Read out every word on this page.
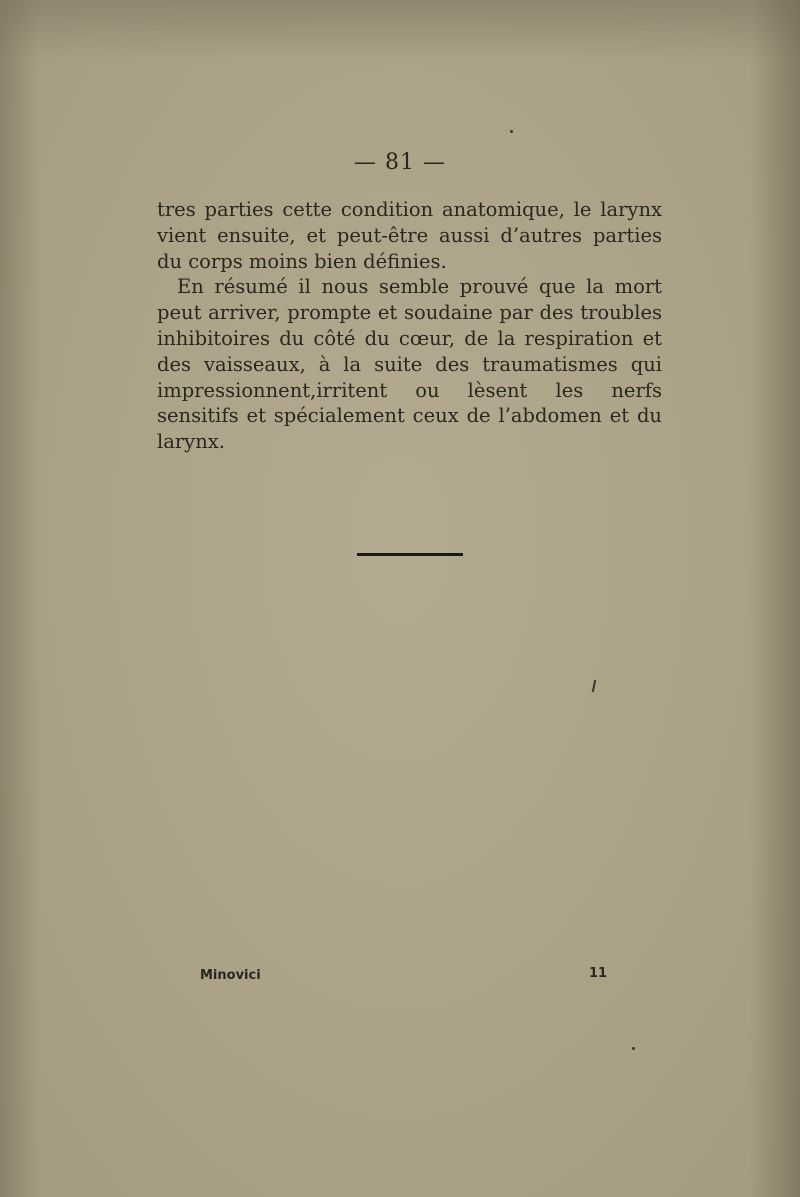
— 81 —

tres parties cette condition anatomique, le larynx vient ensuite, et peut-être aussi d’autres parties du corps moins bien définies.

En résumé il nous semble prouvé que la mort peut arriver, prompte et soudaine par des troubles inhibitoires du côté du cœur, de la respiration et des vaisseaux, à la suite des traumatismes qui impressionnent,irritent ou lèsent les nerfs sensitifs et spécialement ceux de l’abdomen et du larynx.

Minovici	11
